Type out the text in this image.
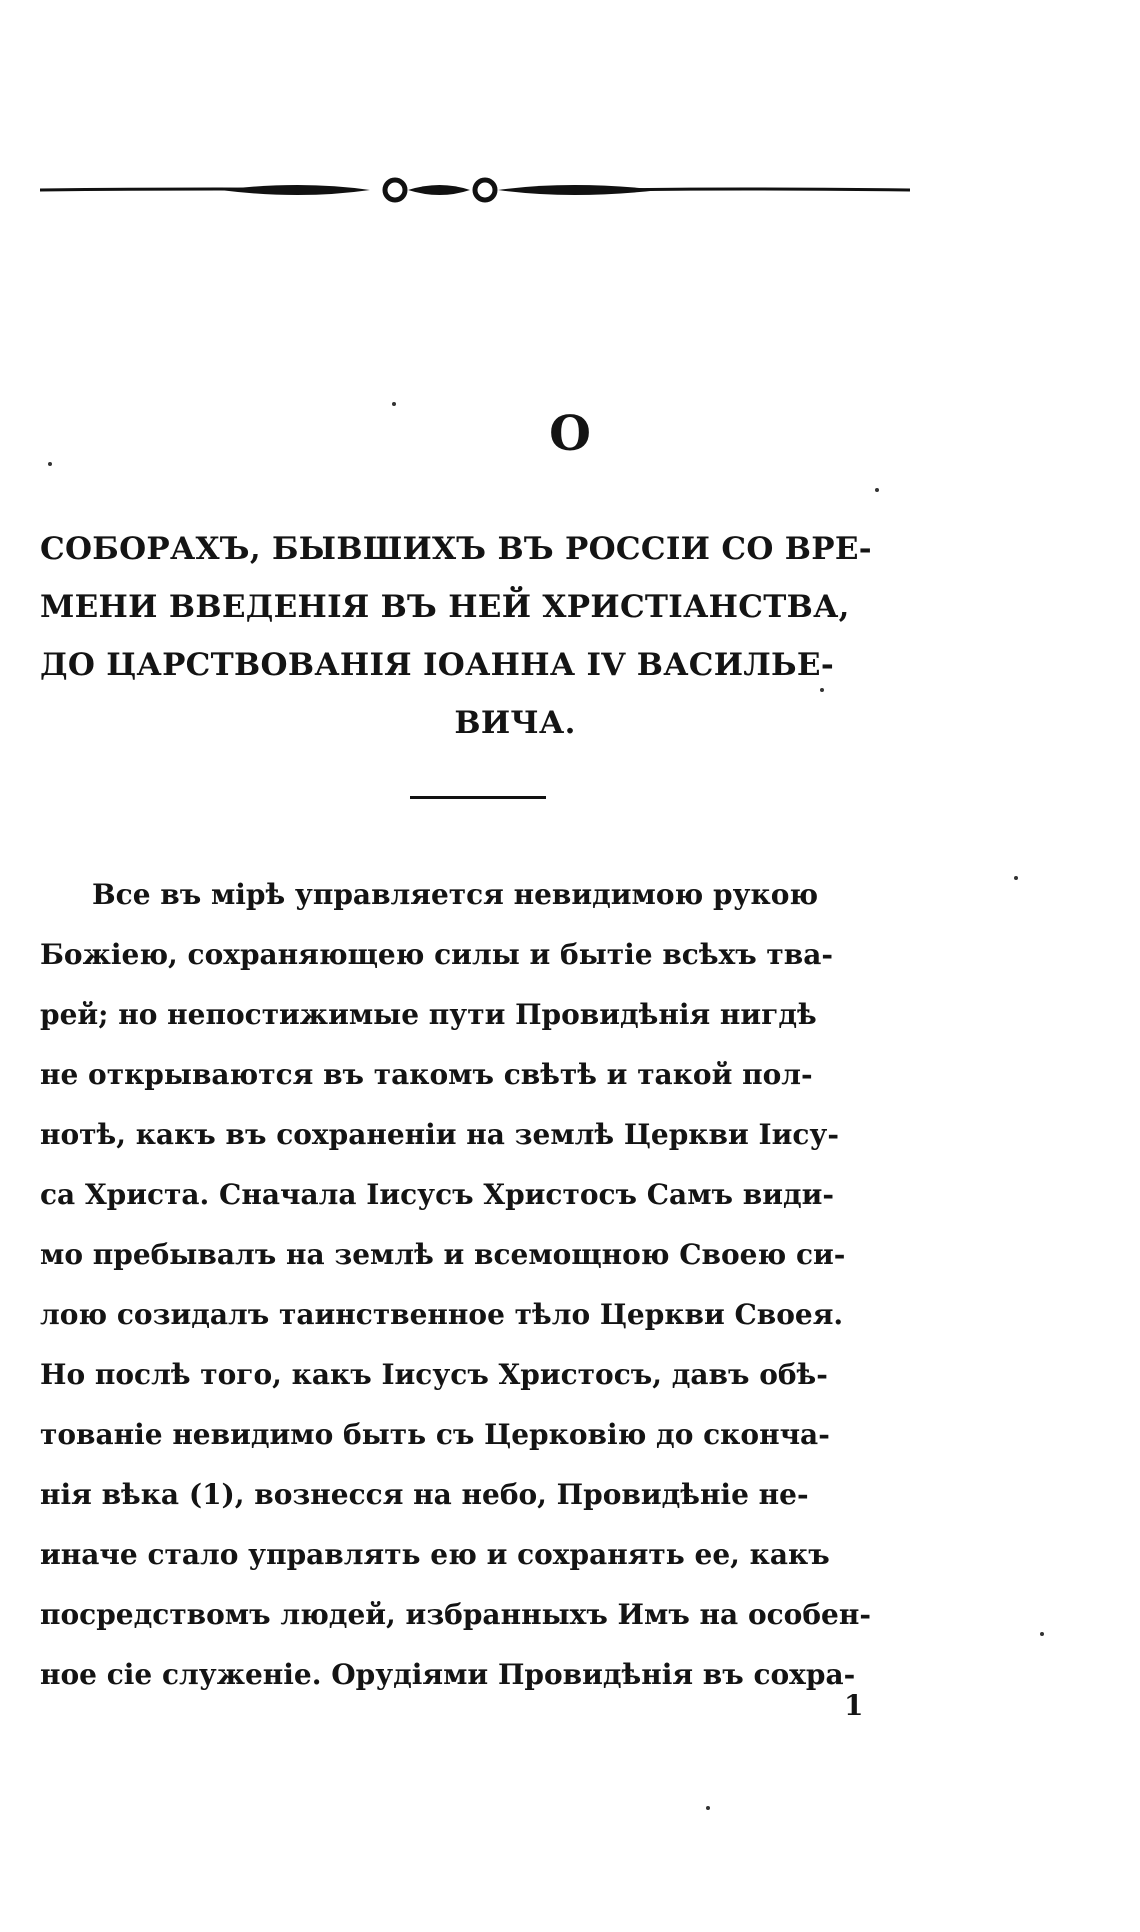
О
СОБОРАХЪ, БЫВШИХЪ ВЪ РОССІИ СО ВРЕ-
МЕНИ ВВЕДЕНІЯ ВЪ НЕЙ ХРИСТІАНСТВА,
ДО ЦАРСТВОВАНІЯ ІОАННА IV ВАСИЛЬЕ-
ВИЧА.
Все въ мірѣ управляется невидимою рукою
Божіею, сохраняющею силы и бытіе всѣхъ тва-
рей; но непостижимые пути Провидѣнія нигдѣ
не открываются въ такомъ свѣтѣ и такой пол-
нотѣ, какъ въ сохраненіи на землѣ Церкви Іису-
са Христа. Сначала Іисусъ Христосъ Самъ види-
мо пребывалъ на землѣ и всемощною Своею си-
лою созидалъ таинственное тѣло Церкви Своея.
Но послѣ того, какъ Іисусъ Христосъ, давъ обѣ-
тованіе невидимо быть съ Церковію до сконча-
нія вѣка (1), вознесся на небо, Провидѣніе не-
иначе стало управлять ею и сохранять ее, какъ
посредствомъ людей, избранныхъ Имъ на особен-
ное сіе служеніе. Орудіями Провидѣнія въ сохра-
1
